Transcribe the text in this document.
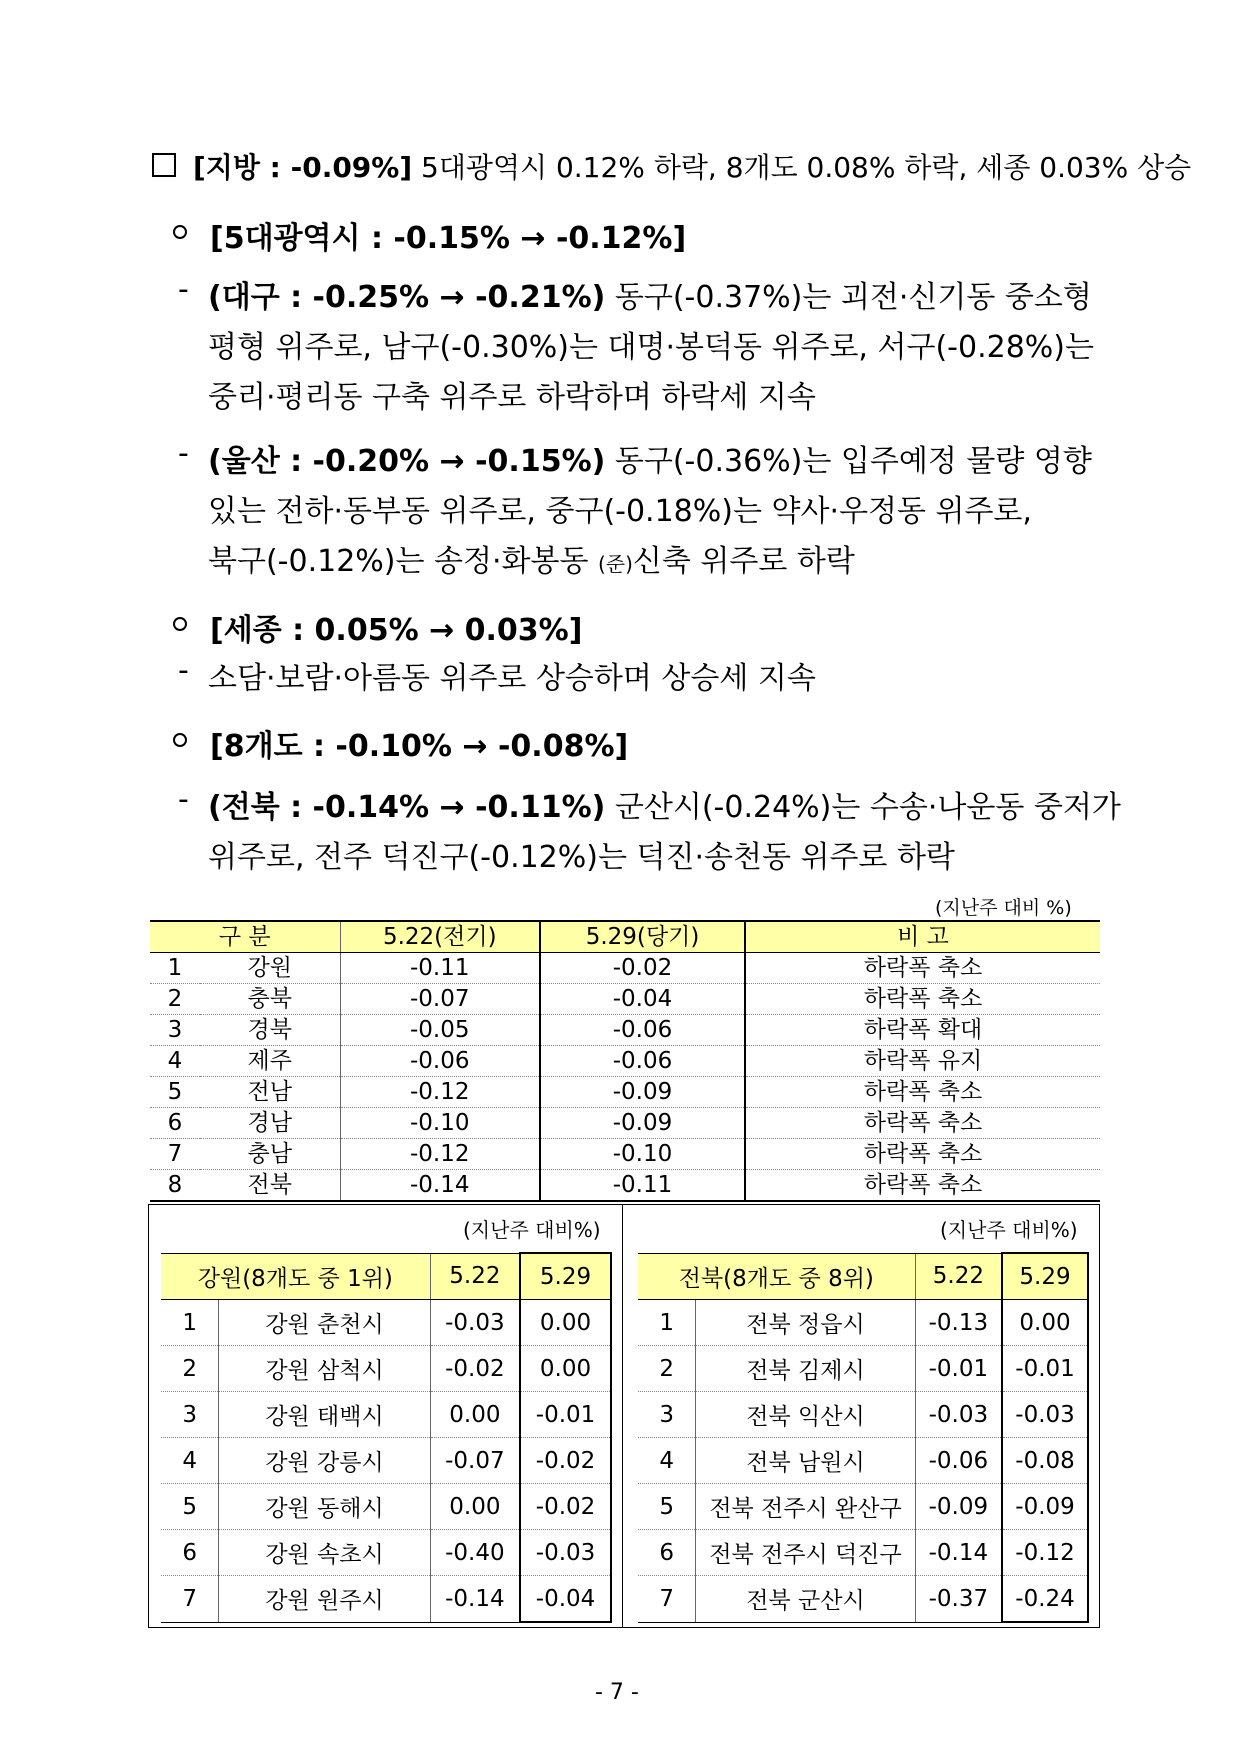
[지방 : -0.09%] 5대광역시 0.12% 하락, 8개도 0.08% 하락, 세종 0.03% 상승
[5대광역시 : -0.15% → -0.12%]
- (대구 : -0.25% → -0.21%) 동구(-0.37%)는 괴전·신기동 중소형
평형 위주로, 남구(-0.30%)는 대명·봉덕동 위주로, 서구(-0.28%)는
중리·평리동 구축 위주로 하락하며 하락세 지속
- (울산 : -0.20% → -0.15%) 동구(-0.36%)는 입주예정 물량 영향
있는 전하·동부동 위주로, 중구(-0.18%)는 약사·우정동 위주로,
북구(-0.12%)는 송정·화봉동 (준)신축 위주로 하락
[세종 : 0.05% → 0.03%]
- 소담·보람·아름동 위주로 상승하며 상승세 지속
[8개도 : -0.10% → -0.08%]
- (전북 : -0.14% → -0.11%) 군산시(-0.24%)는 수송·나운동 중저가
위주로, 전주 덕진구(-0.12%)는 덕진·송천동 위주로 하락
(지난주 대비 %)
구 분		5.22(전기)	5.29(당기)	비 고
1	강원	-0.11	-0.02	하락폭 축소
2	충북	-0.07	-0.04	하락폭 축소
3	경북	-0.05	-0.06	하락폭 확대
4	제주	-0.06	-0.06	하락폭 유지
5	전남	-0.12	-0.09	하락폭 축소
6	경남	-0.10	-0.09	하락폭 축소
7	충남	-0.12	-0.10	하락폭 축소
8	전북	-0.14	-0.11	하락폭 축소
(지난주 대비%)	(지난주 대비%)
강원(8개도 중 1위)		5.22	5.29
1	강원 춘천시	-0.03	0.00
2	강원 삼척시	-0.02	0.00
3	강원 태백시	0.00	-0.01
4	강원 강릉시	-0.07	-0.02
5	강원 동해시	0.00	-0.02
6	강원 속초시	-0.40	-0.03
7	강원 원주시	-0.14	-0.04
전북(8개도 중 8위)		5.22	5.29
1	전북 정읍시	-0.13	0.00
2	전북 김제시	-0.01	-0.01
3	전북 익산시	-0.03	-0.03
4	전북 남원시	-0.06	-0.08
5	전북 전주시 완산구	-0.09	-0.09
6	전북 전주시 덕진구	-0.14	-0.12
7	전북 군산시	-0.37	-0.24
- 7 -
